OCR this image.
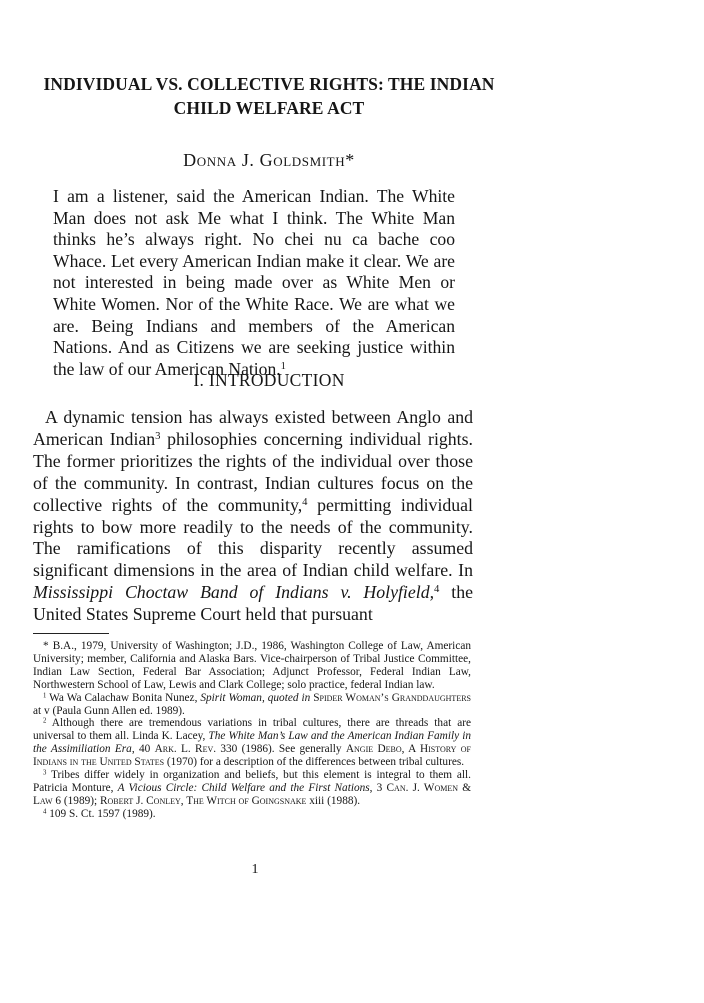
INDIVIDUAL VS. COLLECTIVE RIGHTS: THE INDIAN
CHILD WELFARE ACT
Donna J. Goldsmith*
I am a listener, said the American Indian. The White Man does not ask Me what I think. The White Man thinks he’s always right. No chei nu ca bache coo Whace. Let every American Indian make it clear. We are not interested in being made over as White Men or White Women. Nor of the White Race. We are what we are. Being Indians and members of the American Nations. And as Citizens we are seeking justice within the law of our American Nation.$^1$
I. INTRODUCTION

A dynamic tension has always existed between Anglo and American Indian$^3$ philosophies concerning individual rights. The former prioritizes the rights of the individual over those of the community. In contrast, Indian cultures focus on the collective rights of the community,$^4$ permitting individual rights to bow more readily to the needs of the community. The ramifications of this disparity recently assumed significant dimensions in the area of Indian child welfare. In Mississippi Choctaw Band of Indians v. Holyfield,$^4$ the United States Supreme Court held that pursuant

* B.A., 1979, University of Washington; J.D., 1986, Washington College of Law, American University; member, California and Alaska Bars. Vice-chairperson of Tribal Justice Committee, Indian Law Section, Federal Bar Association; Adjunct Professor, Federal Indian Law, Northwestern School of Law, Lewis and Clark College; solo practice, federal Indian law.

$^1$ Wa Wa Calachaw Bonita Nunez, Spirit Woman, quoted in Spider Woman’s Granddaughters at v (Paula Gunn Allen ed. 1989).

$^2$ Although there are tremendous variations in tribal cultures, there are threads that are universal to them all. Linda K. Lacey, The White Man’s Law and the American Indian Family in the Assimiliation Era, 40 Ark. L. Rev. 330 (1986). See generally Angie Debo, A History of Indians in the United States (1970) for a description of the differences between tribal cultures.

$^3$ Tribes differ widely in organization and beliefs, but this element is integral to them all. Patricia Monture, A Vicious Circle: Child Welfare and the First Nations, 3 Can. J. Women & Law 6 (1989); Robert J. Conley, The Witch of Goingsnake xiii (1988).

$^4$ 109 S. Ct. 1597 (1989).

1
